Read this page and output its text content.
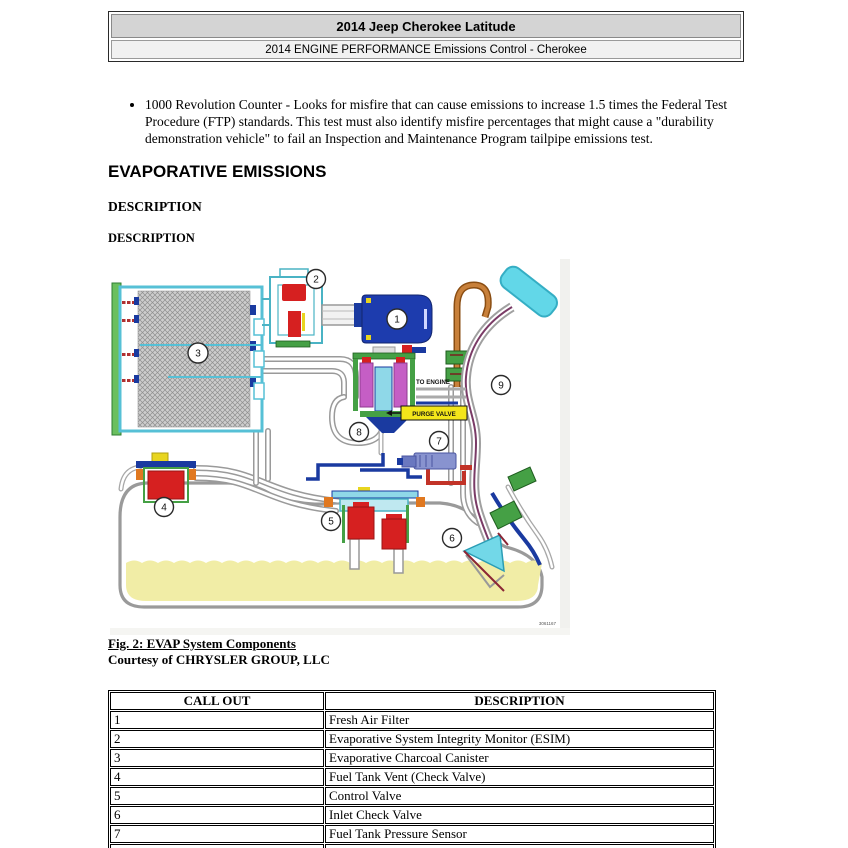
2014 Jeep Cherokee Latitude
2014 ENGINE PERFORMANCE Emissions Control - Cherokee
• 1000 Revolution Counter - Looks for misfire that can cause emissions to increase 1.5 times the Federal Test Procedure (FTP) standards. This test must also identify misfire percentages that might cause a "durability demonstration vehicle" to fail an Inspection and Maintenance Program tailpipe emissions test.
EVAPORATIVE EMISSIONS
DESCRIPTION
DESCRIPTION
TO ENGINE
PURGE VALVE
3061167
1
2
3
4
5
6
7
8
9
Fig. 2: EVAP System Components
Courtesy of CHRYSLER GROUP, LLC
CALL OUT	DESCRIPTION
1	Fresh Air Filter
2	Evaporative System Integrity Monitor (ESIM)
3	Evaporative Charcoal Canister
4	Fuel Tank Vent (Check Valve)
5	Control Valve
6	Inlet Check Valve
7	Fuel Tank Pressure Sensor
